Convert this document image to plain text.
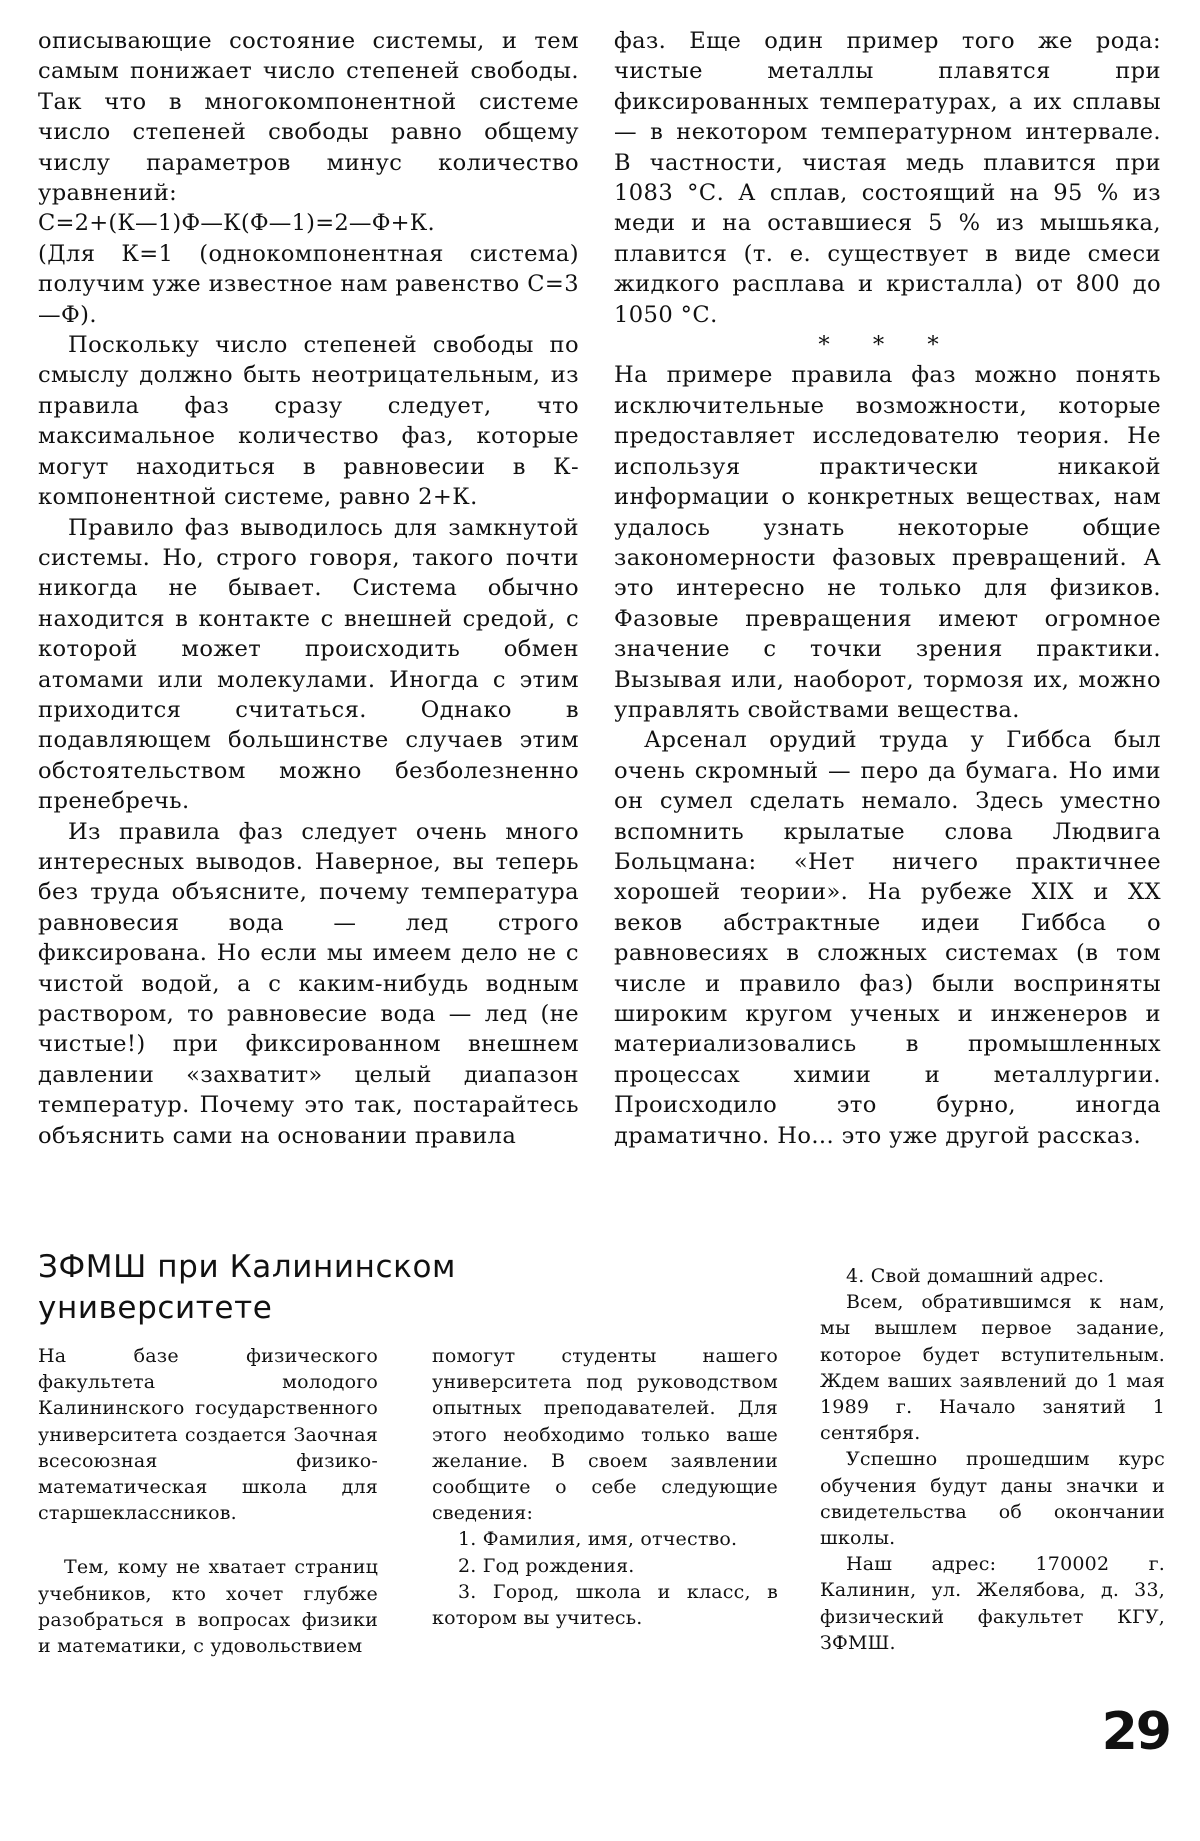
описывающие состояние системы, и тем самым понижает число степеней свободы. Так что в многокомпонентной системе число степеней свободы равно общему числу параметров минус количество уравнений:

С=2+(К—1)Ф—К(Ф—1)=2—Ф+К.

(Для К=1 (однокомпонентная система) получим уже известное нам равенство С=3—Ф).

Поскольку число степеней свободы по смыслу должно быть неотрицательным, из правила фаз сразу следует, что максимальное количество фаз, которые могут находиться в равновесии в К-компонентной системе, равно 2+К.

Правило фаз выводилось для замкнутой системы. Но, строго говоря, такого почти никогда не бывает. Система обычно находится в контакте с внешней средой, с которой может происходить обмен атомами или молекулами. Иногда с этим приходится считаться. Однако в подавляющем большинстве случаев этим обстоятельством можно безболезненно пренебречь.

Из правила фаз следует очень много интересных выводов. Наверное, вы теперь без труда объясните, почему температура равновесия вода — лед строго фиксирована. Но если мы имеем дело не с чистой водой, а с каким-нибудь водным раствором, то равновесие вода — лед (не чистые!) при фиксированном внешнем давлении «захватит» целый диапазон температур. Почему это так, постарайтесь объяснить сами на основании правила

фаз. Еще один пример того же рода: чистые металлы плавятся при фиксированных температурах, а их сплавы — в некотором температурном интервале. В частности, чистая медь плавится при 1083 °С. А сплав, состоящий на 95 % из меди и на оставшиеся 5 % из мышьяка, плавится (т. е. существует в виде смеси жидкого расплава и кристалла) от 800 до 1050 °С.

* * *

На примере правила фаз можно понять исключительные возможности, которые предоставляет исследователю теория. Не используя практически никакой информации о конкретных веществах, нам удалось узнать некоторые общие закономерности фазовых превращений. А это интересно не только для физиков. Фазовые превращения имеют огромное значение с точки зрения практики. Вызывая или, наоборот, тормозя их, можно управлять свойствами вещества.

Арсенал орудий труда у Гиббса был очень скромный — перо да бумага. Но ими он сумел сделать немало. Здесь уместно вспомнить крылатые слова Людвига Больцмана: «Нет ничего практичнее хорошей теории». На рубеже XIX и XX веков абстрактные идеи Гиббса о равновесиях в сложных системах (в том числе и правило фаз) были восприняты широким кругом ученых и инженеров и материализовались в промышленных процессах химии и металлургии. Происходило это бурно, иногда драматично. Но... это уже другой рассказ.

ЗФМШ при Калининском университете

На базе физического факультета молодого Калининского государственного университета создается Заочная всесоюзная физико-математическая школа для старшеклассников.

Тем, кому не хватает страниц учебников, кто хочет глубже разобраться в вопросах физики и математики, с удовольствием

помогут студенты нашего университета под руководством опытных преподавателей. Для этого необходимо только ваше желание. В своем заявлении сообщите о себе следующие сведения:

1. Фамилия, имя, отчество.

2. Год рождения.

3. Город, школа и класс, в котором вы учитесь.

4. Свой домашний адрес.

Всем, обратившимся к нам, мы вышлем первое задание, которое будет вступительным. Ждем ваших заявлений до 1 мая 1989 г. Начало занятий 1 сентября.

Успешно прошедшим курс обучения будут даны значки и свидетельства об окончании школы.

Наш адрес: 170002 г. Калинин, ул. Желябова, д. 33, физический факультет КГУ, ЗФМШ.

29
